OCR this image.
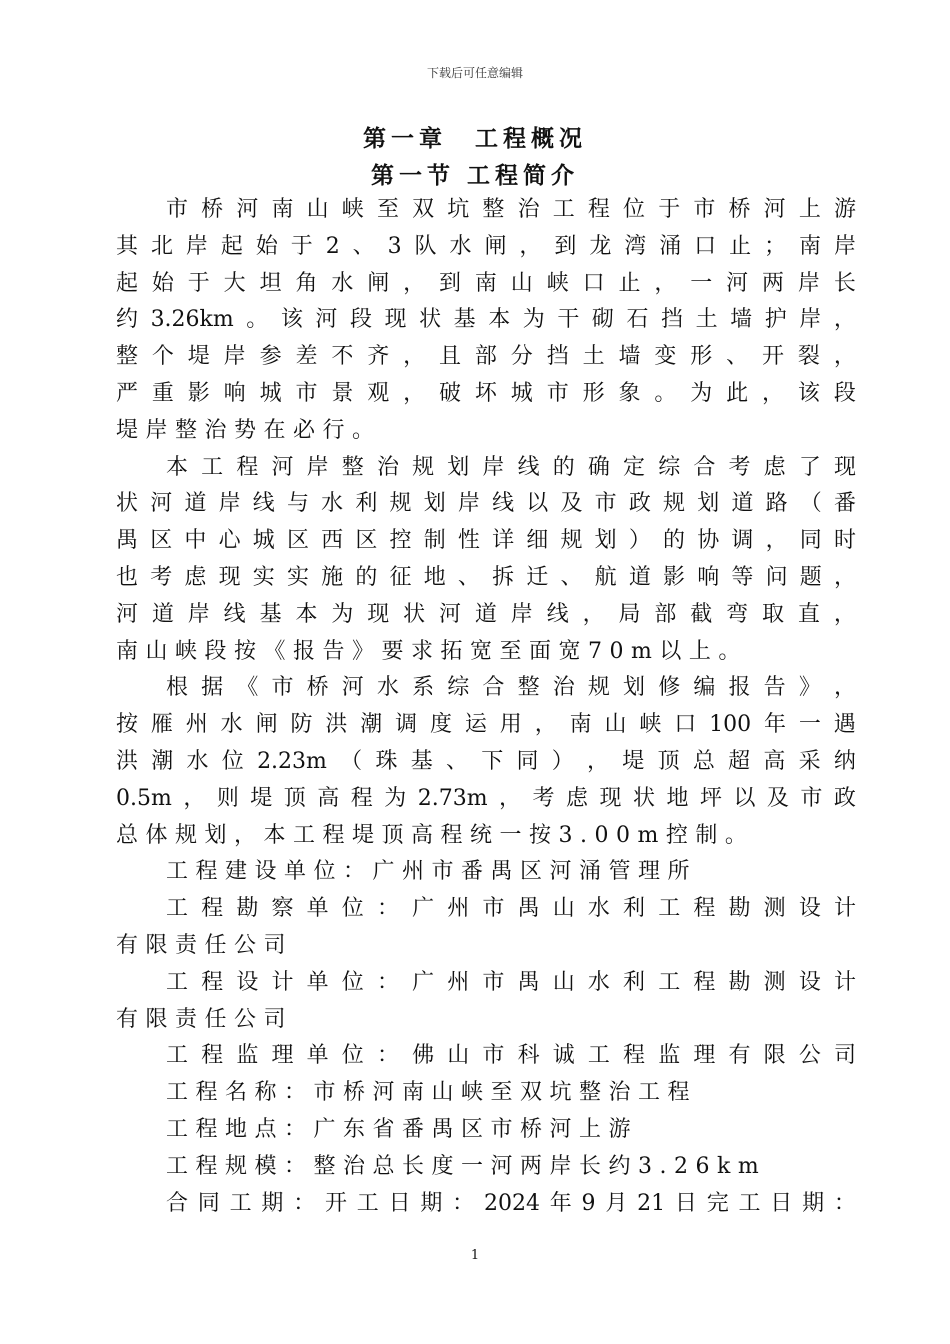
下载后可任意编辑
第一章 工程概况
第一节 工程简介
市 桥 河 南 山 峡 至 双 坑 整 治 工 程 位 于 市 桥 河 上 游
其 北 岸 起 始 于 2 、 3 队 水 闸 ， 到 龙 湾 涌 口 止 ； 南 岸
起 始 于 大 坦 角 水 闸 ， 到 南 山 峡 口 止 ， 一 河 两 岸 长
约 3.26km 。 该 河 段 现 状 基 本 为 干 砌 石 挡 土 墙 护 岸 ，
整 个 堤 岸 参 差 不 齐 ， 且 部 分 挡 土 墙 变 形 、 开 裂 ，
严 重 影 响 城 市 景 观 ， 破 坏 城 市 形 象 。 为 此 ， 该 段
堤岸整治势在必行。
本 工 程 河 岸 整 治 规 划 岸 线 的 确 定 综 合 考 虑 了 现
状 河 道 岸 线 与 水 利 规 划 岸 线 以 及 市 政 规 划 道 路 （ 番
禺 区 中 心 城 区 西 区 控 制 性 详 细 规 划 ） 的 协 调 ， 同 时
也 考 虑 现 实 实 施 的 征 地 、 拆 迁 、 航 道 影 响 等 问 题 ，
河 道 岸 线 基 本 为 现 状 河 道 岸 线 ， 局 部 截 弯 取 直 ，
南山峡段按《报告》要求拓宽至面宽70m以上。
根 据 《 市 桥 河 水 系 综 合 整 治 规 划 修 编 报 告 》 ，
按 雁 州 水 闸 防 洪 潮 调 度 运 用 ， 南 山 峡 口 100 年 一 遇
洪 潮 水 位 2.23m （ 珠 基 、 下 同 ） ， 堤 顶 总 超 高 采 纳
0.5m ， 则 堤 顶 高 程 为 2.73m ， 考 虑 现 状 地 坪 以 及 市 政
总体规划，本工程堤顶高程统一按3.00m控制。
工程建设单位：广州市番禺区河涌管理所
工 程 勘 察 单 位 ： 广 州 市 禺 山 水 利 工 程 勘 测 设 计
有限责任公司
工 程 设 计 单 位 ： 广 州 市 禺 山 水 利 工 程 勘 测 设 计
有限责任公司
工 程 监 理 单 位 ： 佛 山 市 科 诚 工 程 监 理 有 限 公 司
工程名称：市桥河南山峡至双坑整治工程
工程地点：广东省番禺区市桥河上游
工程规模：整治总长度一河两岸长约3.26km
合 同 工 期 ： 开 工 日 期 ： 2024 年 9 月 21 日 完 工 日 期 ：
1
